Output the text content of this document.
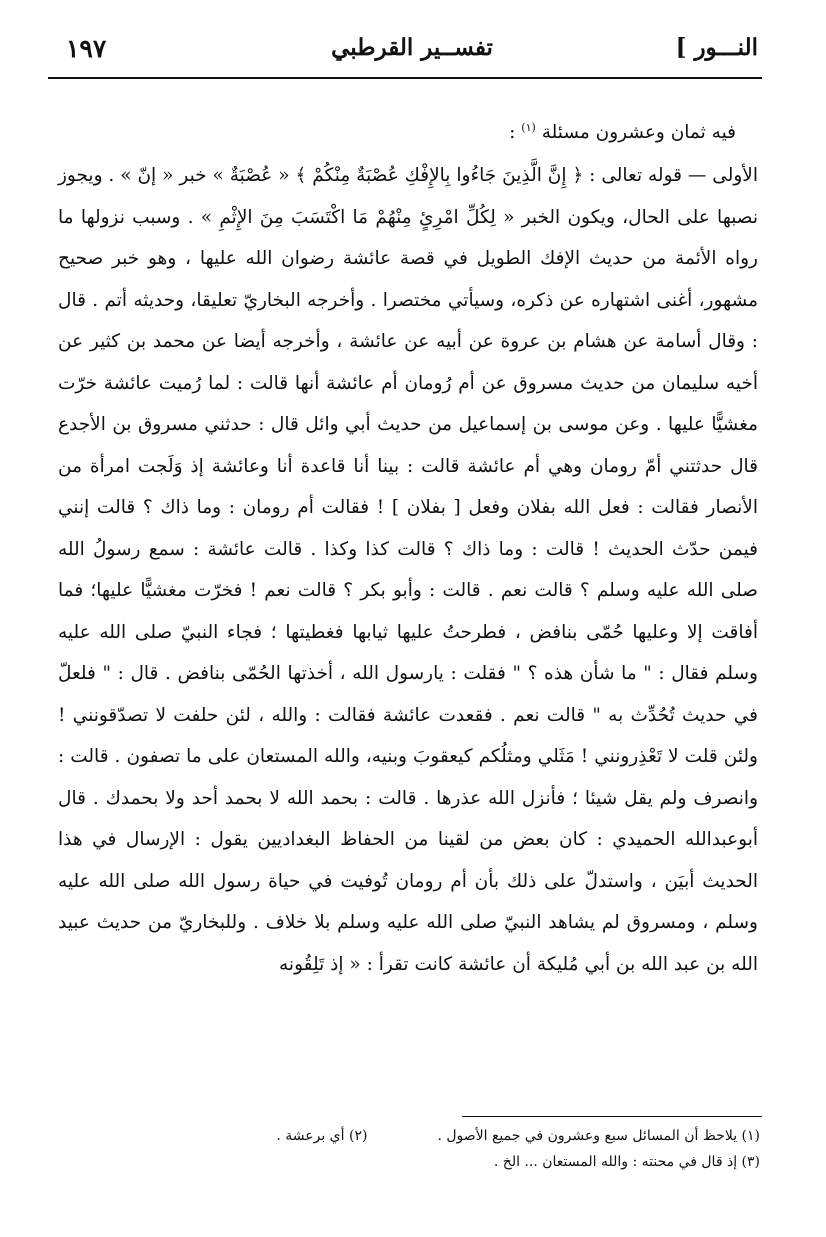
النـــور ]
تفســير القرطبي
١٩٧

فيه ثمان وعشرون مسئلة $^{(١)}$ :

الأولى — قوله تعالى : ﴿ إِنَّ الَّذِينَ جَاءُوا بِالإِفْكِ عُصْبَةٌ مِنْكُمْ ﴾ « عُصْبَةٌ » خبر « إنّ » . ويجوز نصبها على الحال، ويكون الخبر « لِكُلِّ امْرِئٍ مِنْهُمْ مَا اكْتَسَبَ مِنَ الإِثْمِ » . وسبب نزولها ما رواه الأئمة من حديث الإفك الطويل في قصة عائشة رضوان الله عليها ، وهو خبر صحيح مشهور، أغنى اشتهاره عن ذكره، وسيأتي مختصرا . وأخرجه البخاريّ تعليقا، وحديثه أتم . قال : وقال أسامة عن هشام بن عروة عن أبيه عن عائشة ، وأخرجه أيضا عن محمد بن كثير عن أخيه سليمان من حديث مسروق عن أم رُومان أم عائشة أنها قالت : لما رُميت عائشة خرّت مغشيًّا عليها . وعن موسى بن إسماعيل من حديث أبي وائل قال : حدثني مسروق بن الأجدع قال حدثتني أمّ رومان وهي أم عائشة قالت : بينا أنا قاعدة أنا وعائشة إذ وَلَجت امرأة من الأنصار فقالت : فعل الله بفلان وفعل [ بفلان ] ! فقالت أم رومان : وما ذاك ؟ قالت إنني فيمن حدّث الحديث ! قالت : وما ذاك ؟ قالت كذا وكذا . قالت عائشة : سمع رسولُ الله صلى الله عليه وسلم ؟ قالت نعم . قالت : وأبو بكر ؟ قالت نعم ! فخرّت مغشيًّا عليها؛ فما أفاقت إلا وعليها حُمّى بنافض ، فطرحتُ عليها ثيابها فغطيتها ؛ فجاء النبيّ صلى الله عليه وسلم فقال : " ما شأن هذه ؟ " فقلت : يارسول الله ، أخذتها الحُمّى بنافض . قال : " فلعلّ في حديث تُحُدِّث به " قالت نعم . فقعدت عائشة فقالت : والله ، لئن حلفت لا تصدّقونني ! ولئن قلت لا تَعْذِرونني ! مَثَلي ومثلُكم كيعقوبَ وبنيه، والله المستعان على ما تصفون . قالت : وانصرف ولم يقل شيئا ؛ فأنزل الله عذرها . قالت : بحمد الله لا بحمد أحد ولا بحمدك . قال أبوعبدالله الحميدي : كان بعض من لقينا من الحفاظ البغداديين يقول : الإرسال في هذا الحديث أبيَن ، واستدلّ على ذلك بأن أم رومان تُوفيت في حياة رسول الله صلى الله عليه وسلم ، ومسروق لم يشاهد النبيّ صلى الله عليه وسلم بلا خلاف . وللبخاريّ من حديث عبيد الله بن عبد الله بن أبي مُليكة أن عائشة كانت تقرأ : « إذ تَلِقُونه

(١) يلاحظ أن المسائل سبع وعشرون في جميع الأصول .
(٢) أي برعشة .
(٣) إذ قال في محنته : والله المستعان ... الخ .
